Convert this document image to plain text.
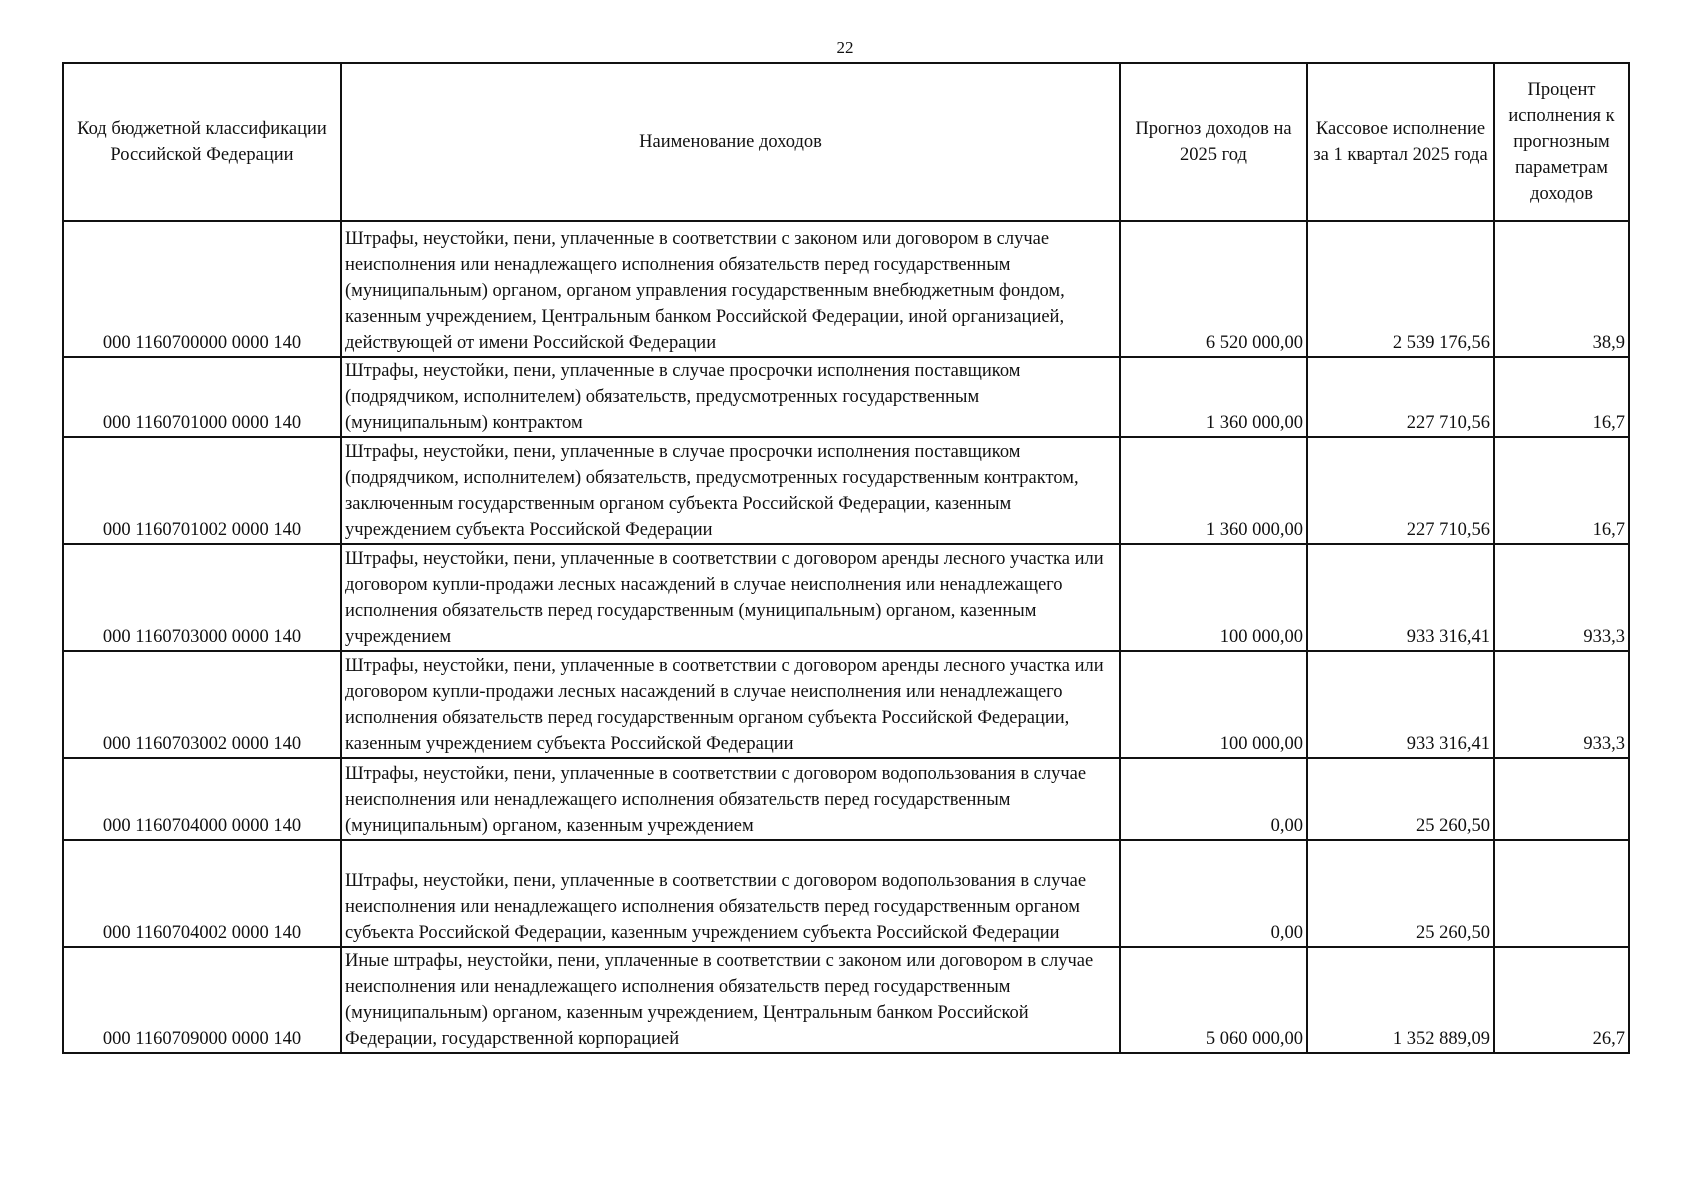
22
Код бюджетной классификации Российской Федерации	Наименование доходов	Прогноз доходов на 2025 год	Кассовое исполнение за 1 квартал 2025 года	Процент исполнения к прогнозным параметрам доходов
000 1160700000 0000 140	Штрафы, неустойки, пени, уплаченные в соответствии с законом или договором в случае неисполнения или ненадлежащего исполнения обязательств перед государственным (муниципальным) органом, органом управления государственным внебюджетным фондом, казенным учреждением, Центральным банком Российской Федерации, иной организацией, действующей от имени Российской Федерации	6 520 000,00	2 539 176,56	38,9
000 1160701000 0000 140	Штрафы, неустойки, пени, уплаченные в случае просрочки исполнения поставщиком (подрядчиком, исполнителем) обязательств, предусмотренных государственным (муниципальным) контрактом	1 360 000,00	227 710,56	16,7
000 1160701002 0000 140	Штрафы, неустойки, пени, уплаченные в случае просрочки исполнения поставщиком (подрядчиком, исполнителем) обязательств, предусмотренных государственным контрактом, заключенным государственным органом субъекта Российской Федерации, казенным учреждением субъекта Российской Федерации	1 360 000,00	227 710,56	16,7
000 1160703000 0000 140	Штрафы, неустойки, пени, уплаченные в соответствии с договором аренды лесного участка или договором купли-продажи лесных насаждений в случае неисполнения или ненадлежащего исполнения обязательств перед государственным (муниципальным) органом, казенным учреждением	100 000,00	933 316,41	933,3
000 1160703002 0000 140	Штрафы, неустойки, пени, уплаченные в соответствии с договором аренды лесного участка или договором купли-продажи лесных насаждений в случае неисполнения или ненадлежащего исполнения обязательств перед государственным органом субъекта Российской Федерации, казенным учреждением субъекта Российской Федерации	100 000,00	933 316,41	933,3
000 1160704000 0000 140	Штрафы, неустойки, пени, уплаченные в соответствии с договором водопользования в случае неисполнения или ненадлежащего исполнения обязательств перед государственным (муниципальным) органом, казенным учреждением	0,00	25 260,50	
000 1160704002 0000 140	Штрафы, неустойки, пени, уплаченные в соответствии с договором водопользования в случае неисполнения или ненадлежащего исполнения обязательств перед государственным органом субъекта Российской Федерации, казенным учреждением субъекта Российской Федерации	0,00	25 260,50	
000 1160709000 0000 140	Иные штрафы, неустойки, пени, уплаченные в соответствии с законом или договором в случае неисполнения или ненадлежащего исполнения обязательств перед государственным (муниципальным) органом, казенным учреждением, Центральным банком Российской Федерации, государственной корпорацией	5 060 000,00	1 352 889,09	26,7
